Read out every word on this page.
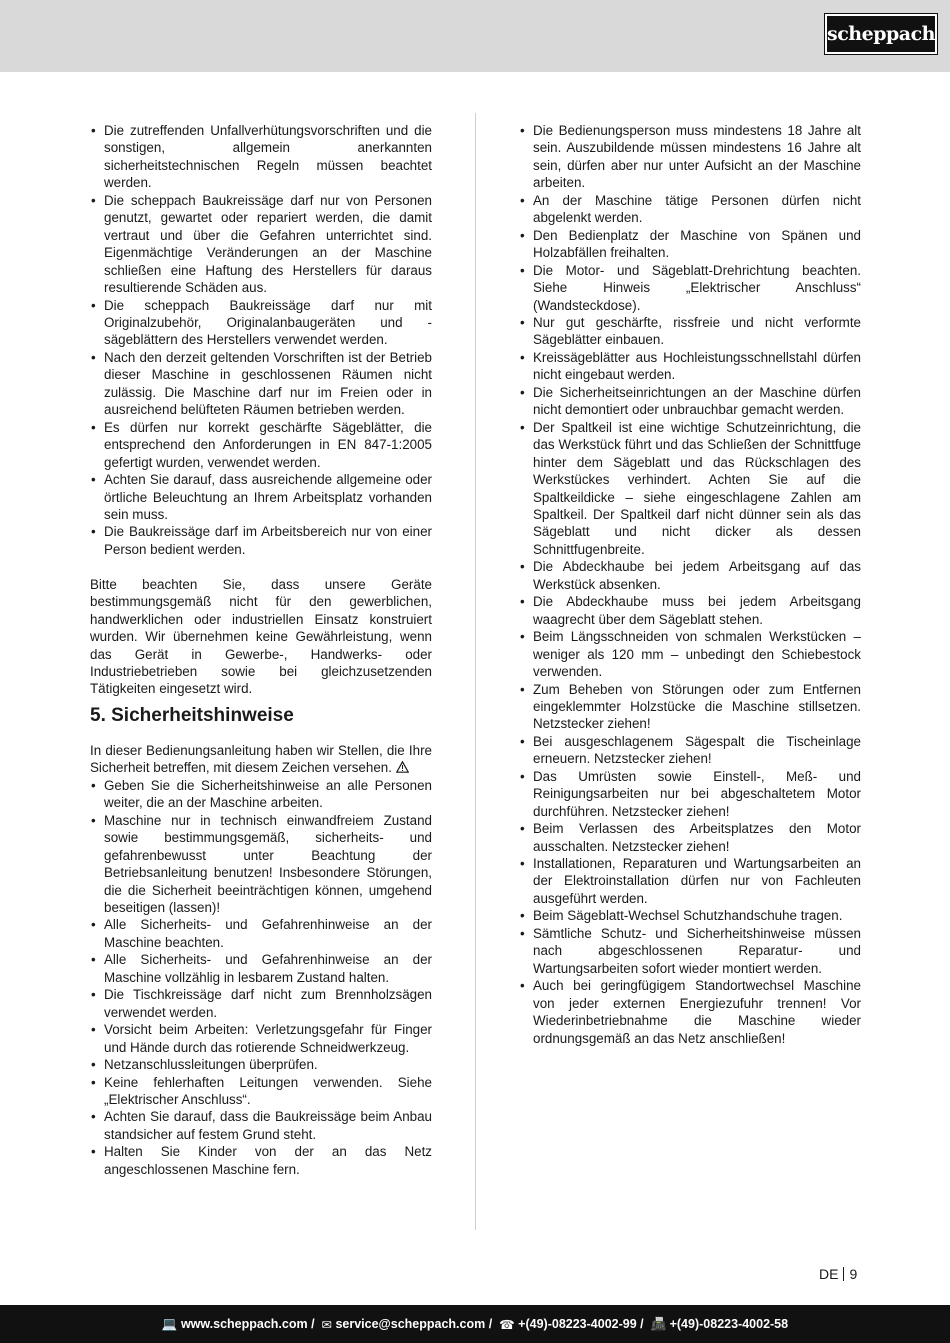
scheppach
• Die zutreffenden Unfallverhütungsvorschriften und die sonstigen, allgemein anerkannten sicherheitstechnischen Regeln müssen beachtet werden.
• Die scheppach Baukreissäge darf nur von Personen genutzt, gewartet oder repariert werden, die damit vertraut und über die Gefahren unterrichtet sind. Eigenmächtige Veränderungen an der Maschine schließen eine Haftung des Herstellers für daraus resultierende Schäden aus.
• Die scheppach Baukreissäge darf nur mit Originalzubehör, Originalanbaugeräten und -sägeblättern des Herstellers verwendet werden.
• Nach den derzeit geltenden Vorschriften ist der Betrieb dieser Maschine in geschlossenen Räumen nicht zulässig. Die Maschine darf nur im Freien oder in ausreichend belüfteten Räumen betrieben werden.
• Es dürfen nur korrekt geschärfte Sägeblätter, die entsprechend den Anforderungen in EN 847-1:2005 gefertigt wurden, verwendet werden.
• Achten Sie darauf, dass ausreichende allgemeine oder örtliche Beleuchtung an Ihrem Arbeitsplatz vorhanden sein muss.
• Die Baukreissäge darf im Arbeitsbereich nur von einer Person bedient werden.

Bitte beachten Sie, dass unsere Geräte bestimmungsgemäß nicht für den gewerblichen, handwerklichen oder industriellen Einsatz konstruiert wurden. Wir übernehmen keine Gewährleistung, wenn das Gerät in Gewerbe-, Handwerks- oder Industriebetrieben sowie bei gleichzusetzenden Tätigkeiten eingesetzt wird.

5. Sicherheitshinweise

In dieser Bedienungsanleitung haben wir Stellen, die Ihre Sicherheit betreffen, mit diesem Zeichen versehen.

• Geben Sie die Sicherheitshinweise an alle Personen weiter, die an der Maschine arbeiten.
• Maschine nur in technisch einwandfreiem Zustand sowie bestimmungsgemäß, sicherheits- und gefahrenbewusst unter Beachtung der Betriebsanleitung benutzen! Insbesondere Störungen, die die Sicherheit beeinträchtigen können, umgehend beseitigen (lassen)!
• Alle Sicherheits- und Gefahrenhinweise an der Maschine beachten.
• Alle Sicherheits- und Gefahrenhinweise an der Maschine vollzählig in lesbarem Zustand halten.
• Die Tischkreissäge darf nicht zum Brennholzsägen verwendet werden.
• Vorsicht beim Arbeiten: Verletzungsgefahr für Finger und Hände durch das rotierende Schneidwerkzeug.
• Netzanschlussleitungen überprüfen.
• Keine fehlerhaften Leitungen verwenden. Siehe „Elektrischer Anschluss“.
• Achten Sie darauf, dass die Baukreissäge beim Anbau standsicher auf festem Grund steht.
• Halten Sie Kinder von der an das Netz angeschlossenen Maschine fern.
• Die Bedienungsperson muss mindestens 18 Jahre alt sein. Auszubildende müssen mindestens 16 Jahre alt sein, dürfen aber nur unter Aufsicht an der Maschine arbeiten.
• An der Maschine tätige Personen dürfen nicht abgelenkt werden.
• Den Bedienplatz der Maschine von Spänen und Holzabfällen freihalten.
• Die Motor- und Sägeblatt-Drehrichtung beachten. Siehe Hinweis „Elektrischer Anschluss“ (Wandsteckdose).
• Nur gut geschärfte, rissfreie und nicht verformte Sägeblätter einbauen.
• Kreissägeblätter aus Hochleistungsschnellstahl dürfen nicht eingebaut werden.
• Die Sicherheitseinrichtungen an der Maschine dürfen nicht demontiert oder unbrauchbar gemacht werden.
• Der Spaltkeil ist eine wichtige Schutzeinrichtung, die das Werkstück führt und das Schließen der Schnittfuge hinter dem Sägeblatt und das Rückschlagen des Werkstückes verhindert. Achten Sie auf die Spaltkeildicke – siehe eingeschlagene Zahlen am Spaltkeil. Der Spaltkeil darf nicht dünner sein als das Sägeblatt und nicht dicker als dessen Schnittfugenbreite.
• Die Abdeckhaube bei jedem Arbeitsgang auf das Werkstück absenken.
• Die Abdeckhaube muss bei jedem Arbeitsgang waagrecht über dem Sägeblatt stehen.
• Beim Längsschneiden von schmalen Werkstücken – weniger als 120 mm – unbedingt den Schiebestock verwenden.
• Zum Beheben von Störungen oder zum Entfernen eingeklemmter Holzstücke die Maschine stillsetzen. Netzstecker ziehen!
• Bei ausgeschlagenem Sägespalt die Tischeinlage erneuern. Netzstecker ziehen!
• Das Umrüsten sowie Einstell-, Meß- und Reinigungsarbeiten nur bei abgeschaltetem Motor durchführen. Netzstecker ziehen!
• Beim Verlassen des Arbeitsplatzes den Motor ausschalten. Netzstecker ziehen!
• Installationen, Reparaturen und Wartungsarbeiten an der Elektroinstallation dürfen nur von Fachleuten ausgeführt werden.
• Beim Sägeblatt-Wechsel Schutzhandschuhe tragen.
• Sämtliche Schutz- und Sicherheitshinweise müssen nach abgeschlossenen Reparatur- und Wartungsarbeiten sofort wieder montiert werden.
• Auch bei geringfügigem Standortwechsel Maschine von jeder externen Energiezufuhr trennen! Vor Wiederinbetriebnahme die Maschine wieder ordnungsgemäß an das Netz anschließen!
DE 9
💻 www.scheppach.com / ✉ service@scheppach.com / ☎ +(49)-08223-4002-99 / 📠 +(49)-08223-4002-58
